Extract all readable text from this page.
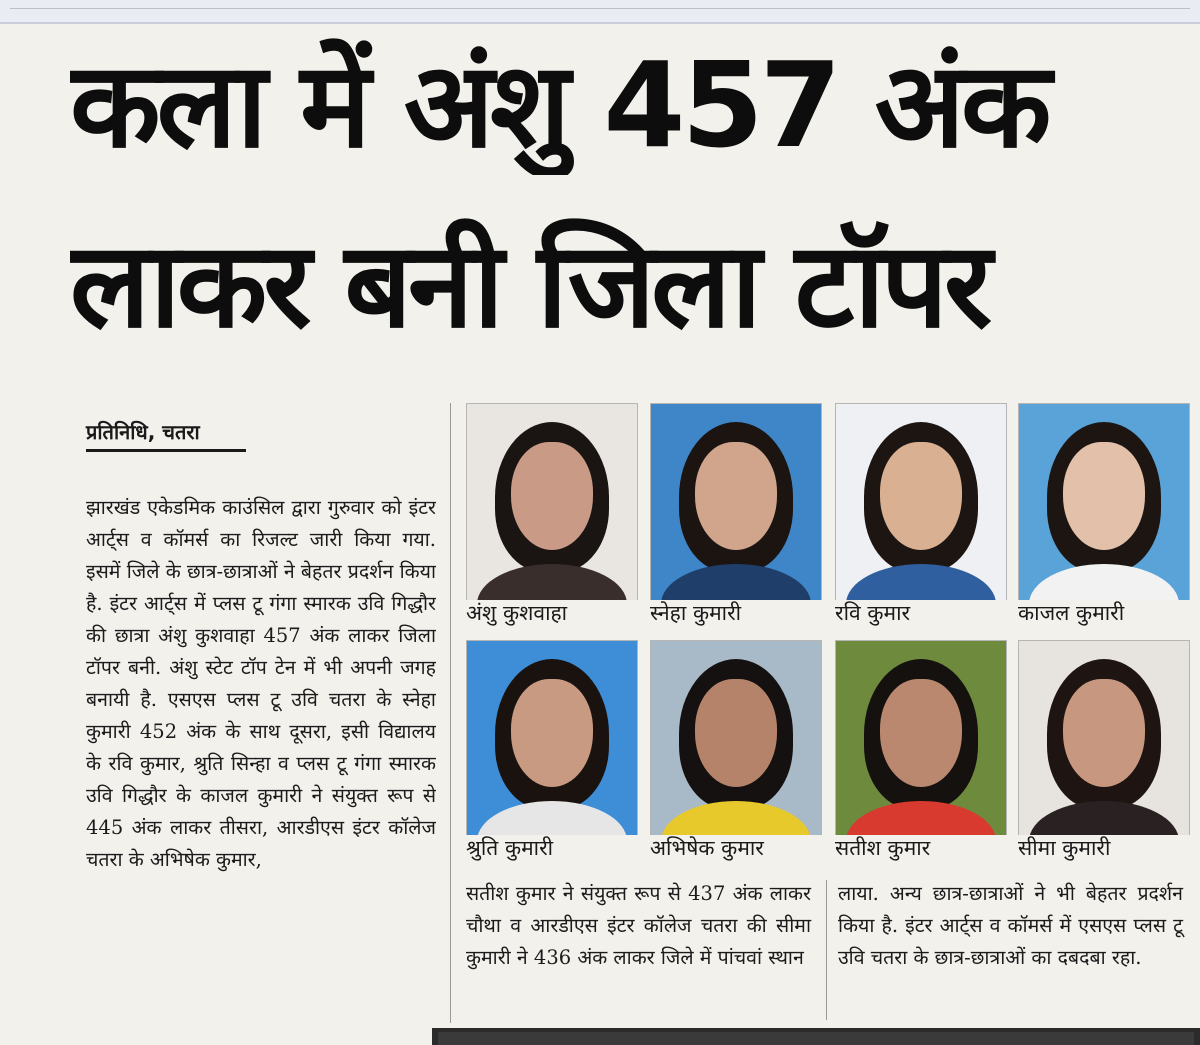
कला में अंशु 457 अंक
लाकर बनी जिला टॉपर
प्रतिनिधि, चतरा

झारखंड एकेडमिक काउंसिल द्वारा गुरुवार को इंटर आर्ट्स व कॉमर्स का रिजल्ट जारी किया गया. इसमें जिले के छात्र-छात्राओं ने बेहतर प्रदर्शन किया है. इंटर आर्ट्स में प्लस टू गंगा स्मारक उवि गिद्धौर की छात्रा अंशु कुशवाहा 457 अंक लाकर जिला टॉपर बनी. अंशु स्टेट टॉप टेन में भी अपनी जगह बनायी है. एसएस प्लस टू उवि चतरा के स्नेहा कुमारी 452 अंक के साथ दूसरा, इसी विद्यालय के रवि कुमार, श्रुति सिन्हा व प्लस टू गंगा स्मारक उवि गिद्धौर के काजल कुमारी ने संयुक्त रूप से 445 अंक लाकर तीसरा, आरडीएस इंटर कॉलेज चतरा के अभिषेक कुमार,

अंशु कुशवाहा	स्नेहा कुमारी	रवि कुमार	काजल कुमारी
श्रुति कुमारी	अभिषेक कुमार	सतीश कुमार	सीमा कुमारी

सतीश कुमार ने संयुक्त रूप से 437 अंक लाकर चौथा व आरडीएस इंटर कॉलेज चतरा की सीमा कुमारी ने 436 अंक लाकर जिले में पांचवां स्थान

लाया. अन्य छात्र-छात्राओं ने भी बेहतर प्रदर्शन किया है. इंटर आर्ट्स व कॉमर्स में एसएस प्लस टू उवि चतरा के छात्र-छात्राओं का दबदबा रहा.
